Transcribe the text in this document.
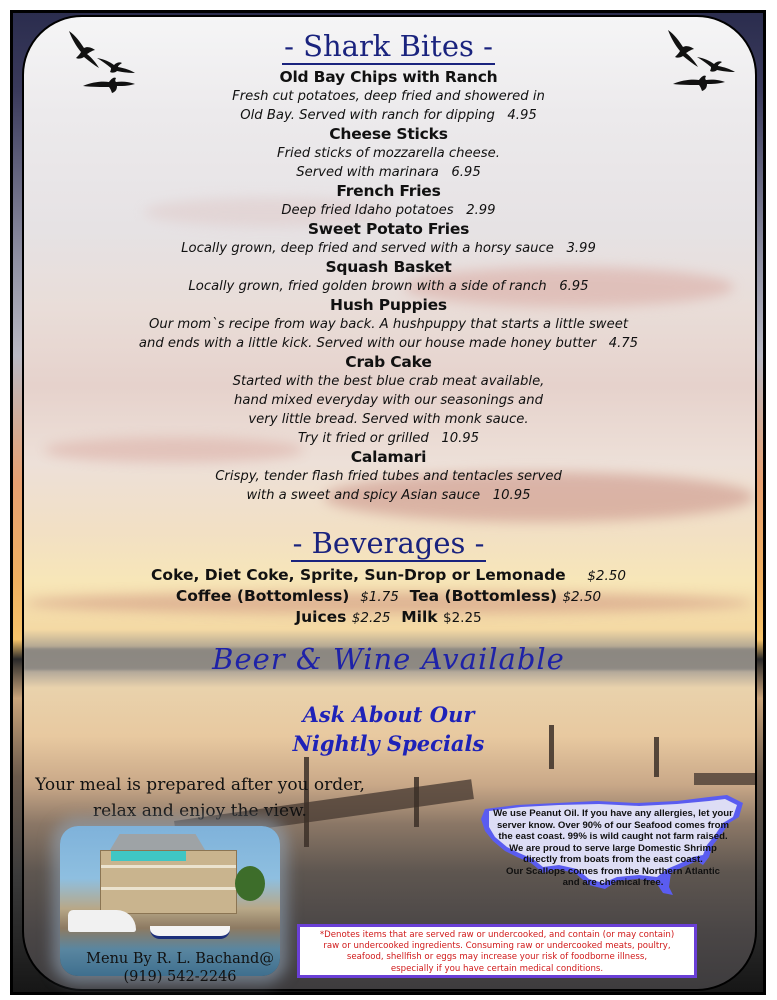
- Shark Bites -

Old Bay Chips with Ranch

Fresh cut potatoes, deep fried and showered in

Old Bay. Served with ranch for dipping   4.95

Cheese Sticks

Fried sticks of mozzarella cheese.

Served with marinara   6.95

French Fries

Deep fried Idaho potatoes   2.99

Sweet Potato Fries

Locally grown, deep fried and served with a horsy sauce   3.99

Squash Basket

Locally grown, fried golden brown with a side of ranch   6.95

Hush Puppies

Our mom`s recipe from way back. A hushpuppy that starts a little sweet

and ends with a little kick. Served with our house made honey butter   4.75

Crab Cake

Started with the best blue crab meat available,

hand mixed everyday with our seasonings and

very little bread. Served with monk sauce.

Try it fried or grilled   10.95

Calamari

Crispy, tender flash fried tubes and tentacles served

with a sweet and spicy Asian sauce   10.95

- Beverages -

Coke, Diet Coke, Sprite, Sun-Drop or Lemonade $2.50

Coffee (Bottomless) $1.75 Tea (Bottomless) $2.50

Juices $2.25 Milk $2.25

Beer & Wine Available
Ask About Our
Nightly Specials
Your meal is prepared after you order,
relax and enjoy the view.
Menu By R. L. Bachand@
(919) 542-2246
We use Peanut Oil. If you have any allergies, let your
server know. Over 90% of our Seafood comes from
the east coast. 99% is wild caught not farm raised.
We are proud to serve large Domestic Shrimp
directly from boats from the east coast.
Our Scallops comes from the Northern Atlantic
and are chemical free.
*Denotes items that are served raw or undercooked, and contain (or may contain)
raw or undercooked ingredients. Consuming raw or undercooked meats, poultry,
seafood, shellfish or eggs may increase your risk of foodborne illness,
especially if you have certain medical conditions.
